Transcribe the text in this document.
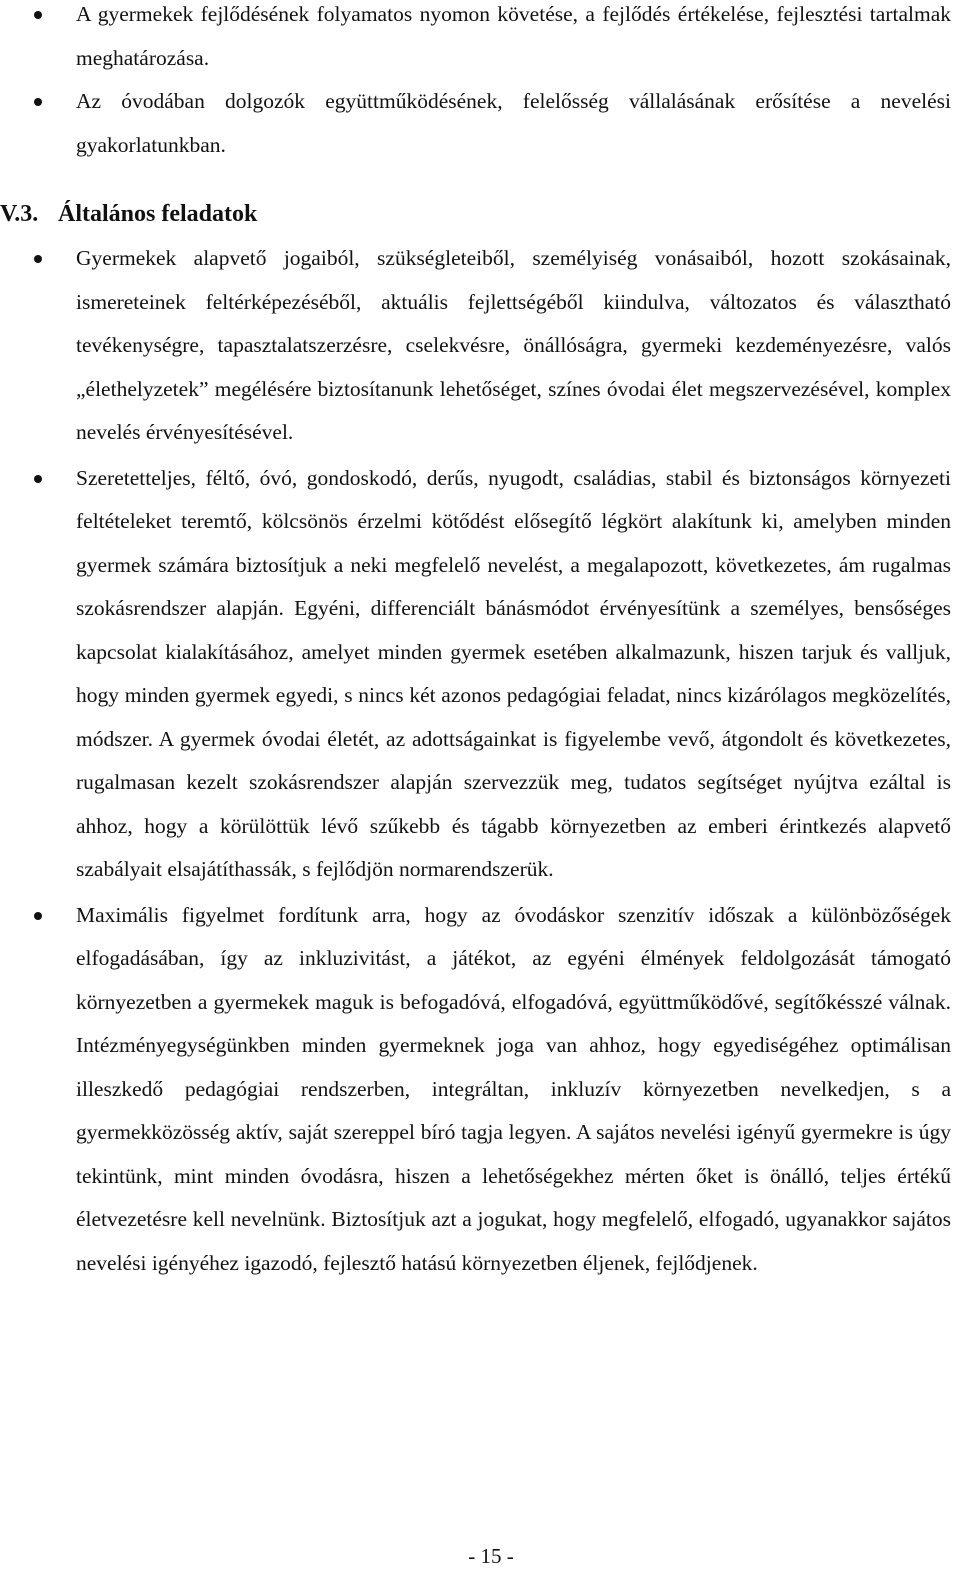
A gyermekek fejlődésének folyamatos nyomon követése, a fejlődés értékelése, fejlesztési tartalmak meghatározása.
Az óvodában dolgozók együttműködésének, felelősség vállalásának erősítése a nevelési gyakorlatunkban.
V.3. Általános feladatok
Gyermekek alapvető jogaiból, szükségleteiből, személyiség vonásaiból, hozott szokásainak, ismereteinek feltérképezéséből, aktuális fejlettségéből kiindulva, változatos és választható tevékenységre, tapasztalatszerzésre, cselekvésre, önállóságra, gyermeki kezdeményezésre, valós „élethelyzetek” megélésére biztosítanunk lehetőséget, színes óvodai élet megszervezésével, komplex nevelés érvényesítésével.
Szeretetteljes, féltő, óvó, gondoskodó, derűs, nyugodt, családias, stabil és biztonságos környezeti feltételeket teremtő, kölcsönös érzelmi kötődést elősegítő légkört alakítunk ki, amelyben minden gyermek számára biztosítjuk a neki megfelelő nevelést, a megalapozott, következetes, ám rugalmas szokásrendszer alapján. Egyéni, differenciált bánásmódot érvényesítünk a személyes, bensőséges kapcsolat kialakításához, amelyet minden gyermek esetében alkalmazunk, hiszen tarjuk és valljuk, hogy minden gyermek egyedi, s nincs két azonos pedagógiai feladat, nincs kizárólagos megközelítés, módszer. A gyermek óvodai életét, az adottságainkat is figyelembe vevő, átgondolt és következetes, rugalmasan kezelt szokásrendszer alapján szervezzük meg, tudatos segítséget nyújtva ezáltal is ahhoz, hogy a körülöttük lévő szűkebb és tágabb környezetben az emberi érintkezés alapvető szabályait elsajátíthassák, s fejlődjön normarendszerük.
Maximális figyelmet fordítunk arra, hogy az óvodáskor szenzitív időszak a különbözőségek elfogadásában, így az inkluzivitást, a játékot, az egyéni élmények feldolgozását támogató környezetben a gyermekek maguk is befogadóvá, elfogadóvá, együttműködővé, segítőkésszé válnak. Intézményegységünkben minden gyermeknek joga van ahhoz, hogy egyediségéhez optimálisan illeszkedő pedagógiai rendszerben, integráltan, inkluzív környezetben nevelkedjen, s a gyermekközösség aktív, saját szereppel bíró tagja legyen. A sajátos nevelési igényű gyermekre is úgy tekintünk, mint minden óvodásra, hiszen a lehetőségekhez mérten őket is önálló, teljes értékű életvezetésre kell nevelnünk. Biztosítjuk azt a jogukat, hogy megfelelő, elfogadó, ugyanakkor sajátos nevelési igényéhez igazodó, fejlesztő hatású környezetben éljenek, fejlődjenek.
- 15 -
